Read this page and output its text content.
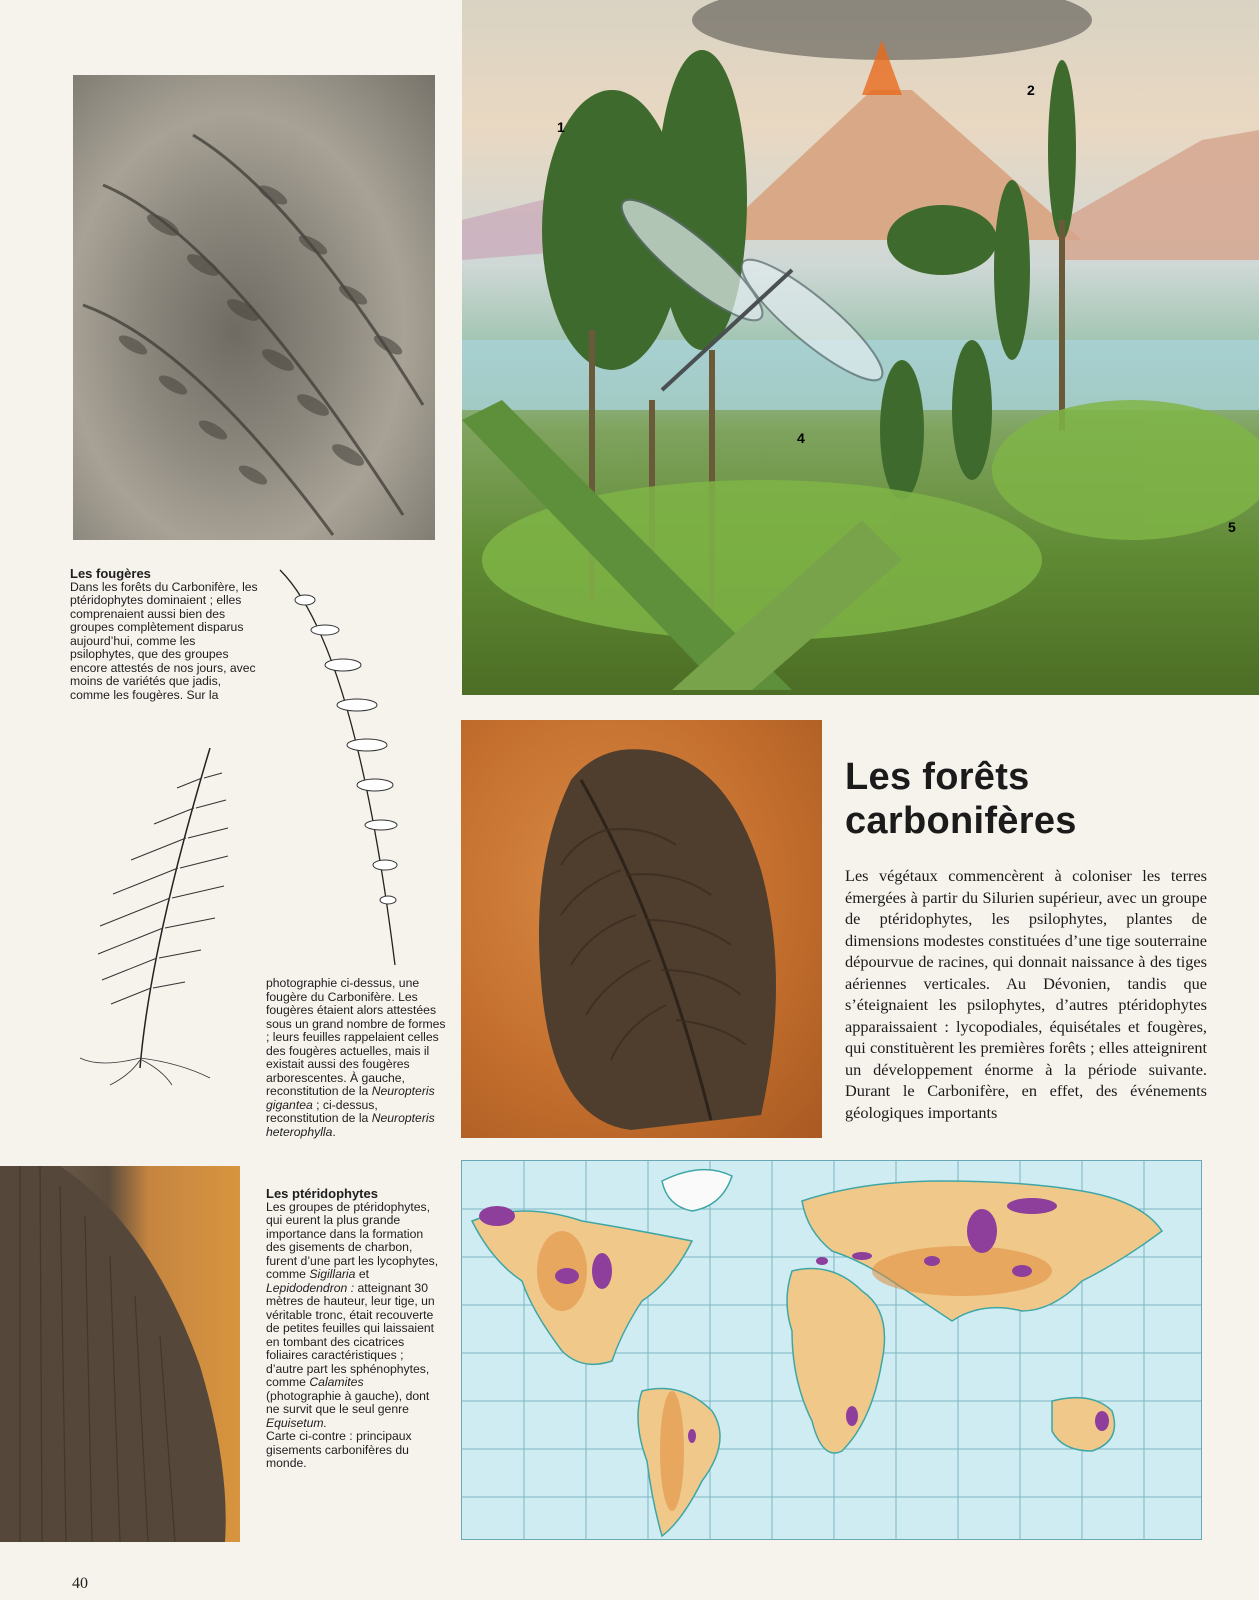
1
2
4
5

Les fougères

Dans les forêts du Carbonifère, les ptéridophytes dominaient ; elles comprenaient aussi bien des groupes complètement disparus aujourd’hui, comme les psilophytes, que des groupes encore attestés de nos jours, avec moins de variétés que jadis, comme les fougères. Sur la

photographie ci-dessus, une fougère du Carbonifère. Les fougères étaient alors attestées sous un grand nombre de formes ; leurs feuilles rappelaient celles des fougères actuelles, mais il existait aussi des fougères arborescentes. À gauche, reconstitution de la Neuropteris gigantea ; ci-dessus, reconstitution de la Neuropteris heterophylla.

Les forêts
carbonifères
Les végétaux commencèrent à coloniser les terres émergées à partir du Silurien supérieur, avec un groupe de ptéridophytes, les psilophytes, plantes de dimensions modestes constituées d’une tige souterraine dépourvue de racines, qui donnait naissance à des tiges aériennes verticales. Au Dévonien, tandis que s’éteignaient les psilophytes, d’autres ptéridophytes apparaissaient : lycopodiales, équisétales et fougères, qui constituèrent les premières forêts ; elles atteignirent un développement énorme à la période suivante. Durant le Carbonifère, en effet, des événements géologiques importants

Les ptéridophytes

Les groupes de ptéridophytes, qui eurent la plus grande importance dans la formation des gisements de charbon, furent d’une part les lycophytes, comme Sigillaria et Lepidodendron : atteignant 30 mètres de hauteur, leur tige, un véritable tronc, était recouverte de petites feuilles qui laissaient en tombant des cicatrices foliaires caractéristiques ; d’autre part les sphénophytes, comme Calamites (photographie à gauche), dont ne survit que le seul genre Equisetum.
Carte ci-contre : principaux gisements carbonifères du monde.

40
